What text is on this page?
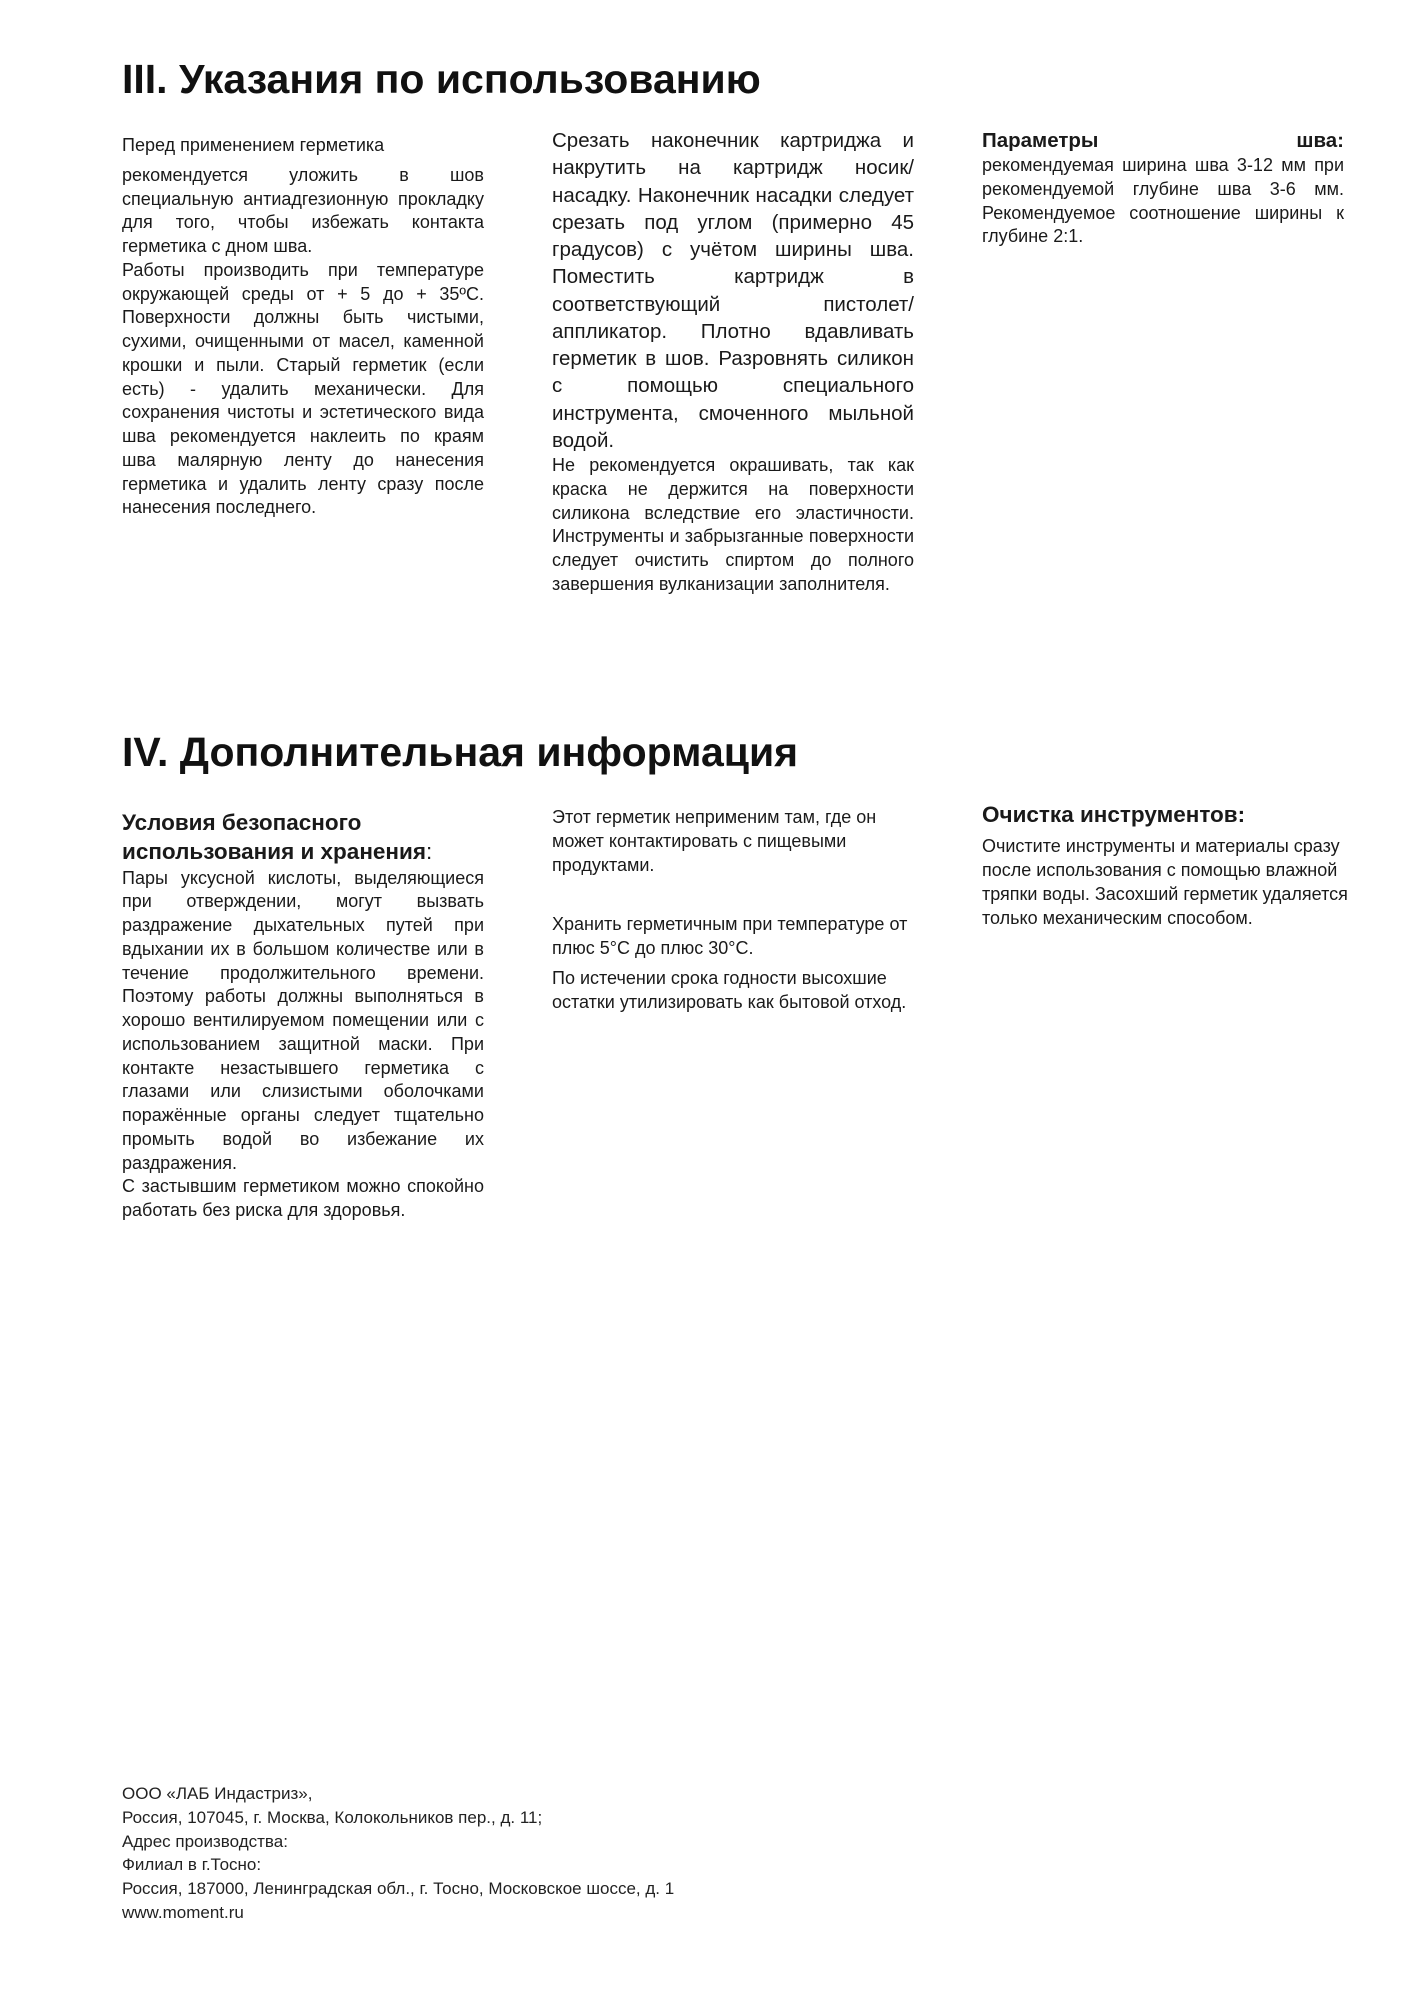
III. Указания по использованию

Перед применением герметика

рекомендуется уложить в шов специальную антиадгезионную прокладку для того, чтобы избежать контакта герметика с дном шва.

Работы производить при температуре окружающей среды от + 5 до + 35ºC. Поверхности должны быть чистыми, сухими, очищенными от масел, каменной крошки и пыли. Старый герметик (если есть) - удалить механически. Для сохранения чистоты и эстетического вида шва рекомендуется наклеить по краям шва малярную ленту до нанесения герметика и удалить ленту сразу после нанесения последнего.

Срезать наконечник картриджа и накрутить на картридж носик/насадку. Наконечник насадки следует срезать под углом (примерно 45 градусов) с учётом ширины шва. Поместить картридж в соответствующий пистолет/аппликатор. Плотно вдавливать герметик в шов. Разровнять силикон с помощью специального инструмента, смоченного мыльной водой.

Не рекомендуется окрашивать, так как краска не держится на поверхности силикона вследствие его эластичности. Инструменты и забрызганные поверхности следует очистить спиртом до полного завершения вулканизации заполнителя.

Параметры шва:

рекомендуемая ширина шва 3-12 мм при рекомендуемой глубине шва 3-6 мм. Рекомендуемое соотношение ширины к глубине 2:1.

IV. Дополнительная информация

Условия безопасного использования и хранения:

Пары уксусной кислоты, выделяющиеся при отверждении, могут вызвать раздражение дыхательных путей при вдыхании их в большом количестве или в течение продолжительного времени. Поэтому работы должны выполняться в хорошо вентилируемом помещении или с использованием защитной маски. При контакте незастывшего герметика с глазами или слизистыми оболочками поражённые органы следует тщательно промыть водой во избежание их раздражения.

С застывшим герметиком можно спокойно работать без риска для здоровья.

Этот герметик неприменим там, где он может контактировать с пищевыми продуктами.

Хранить герметичным при температуре от плюс 5°С до плюс 30°С.

По истечении срока годности высохшие остатки утилизировать как бытовой отход.

Очистка инструментов:

Очистите инструменты и материалы сразу после использования с помощью влажной тряпки воды. Засохший герметик удаляется только механическим способом.

ООО «ЛАБ Индастриз»,
Россия, 107045, г. Москва, Колокольников пер., д. 11;
Адрес производства:
Филиал в г.Тосно:
Россия, 187000, Ленинградская обл., г. Тосно, Московское шоссе, д. 1
www.moment.ru
